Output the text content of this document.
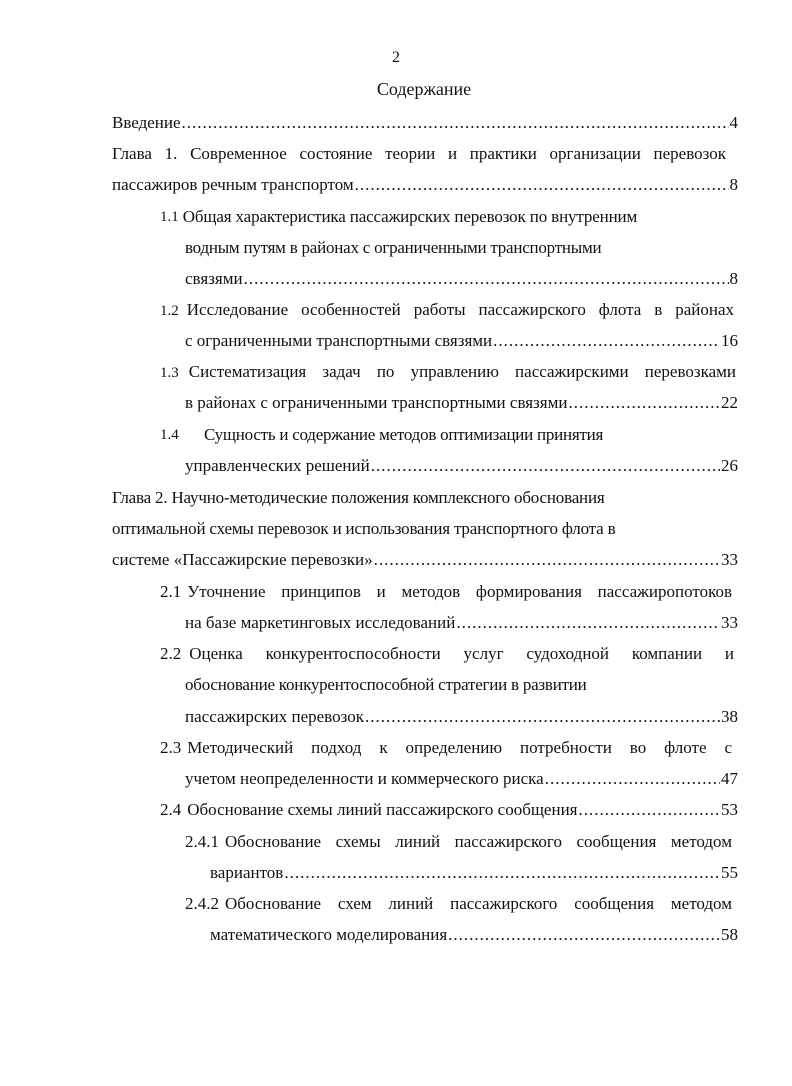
2
Содержание
Введение .....	4
Глава 1. Современное состояние теории и практики организации перевозок
пассажиров речным транспортом .....	8
1.1 Общая характеристика пассажирских перевозок по внутренним
водным путям в районах с ограниченными транспортными
связями .....	8
1.2 Исследование особенностей работы пассажирского флота в районах
с ограниченными транспортными связями .....	16
1.3 Систематизация задач по управлению пассажирскими перевозками
в районах с ограниченными транспортными связями .....	22
1.4	Сущность и содержание методов оптимизации принятия
управленческих решений .....	26
Глава 2. Научно-методические положения комплексного обоснования
оптимальной схемы перевозок и использования транспортного флота в
системе «Пассажирские перевозки» .....	33
2.1 Уточнение принципов и методов формирования пассажиропотоков
на базе маркетинговых исследований .....	33
2.2 Оценка конкурентоспособности услуг судоходной компании и
обоснование конкурентоспособной стратегии в развитии
пассажирских перевозок .....	38
2.3 Методический подход к определению потребности во флоте с
учетом неопределенности и коммерческого риска .....	47
2.4 Обоснование схемы линий пассажирского сообщения .....	53
2.4.1 Обоснование схемы линий пассажирского сообщения методом
вариантов .....	55
2.4.2 Обоснование схем линий пассажирского сообщения методом
математического моделирования .....	58
